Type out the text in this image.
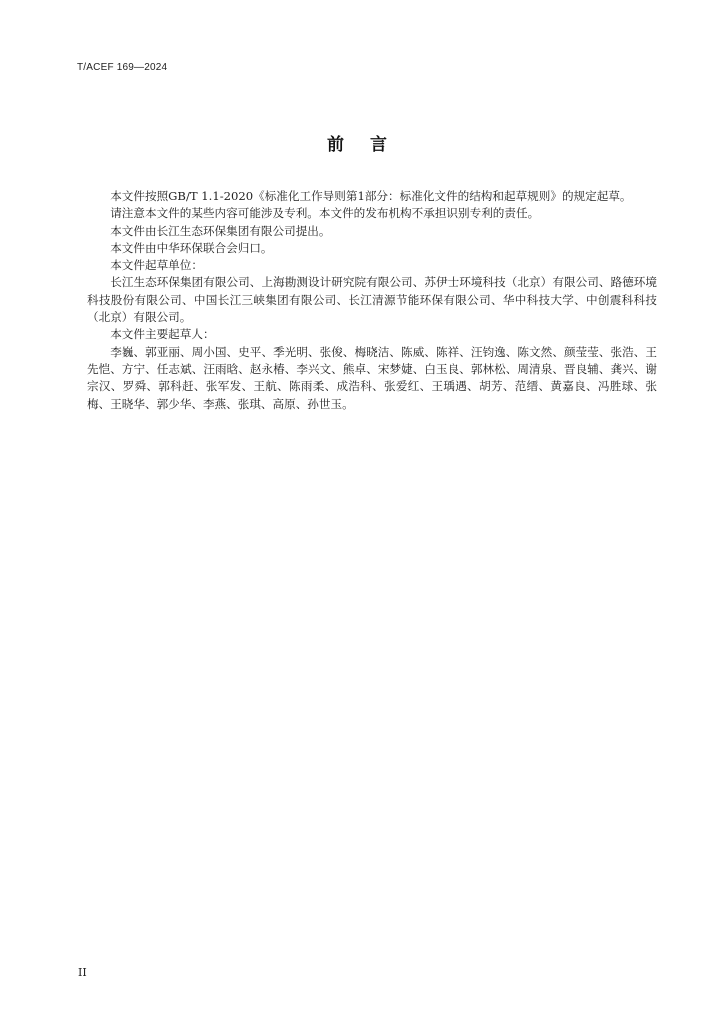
T/ACEF 169—2024
前 言

本文件按照GB/T 1.1-2020《标准化工作导则第1部分：标准化文件的结构和起草规则》的规定起草。

请注意本文件的某些内容可能涉及专利。本文件的发布机构不承担识别专利的责任。

本文件由长江生态环保集团有限公司提出。

本文件由中华环保联合会归口。

本文件起草单位：

长江生态环保集团有限公司、上海勘测设计研究院有限公司、苏伊士环境科技（北京）有限公司、路德环境科技股份有限公司、中国长江三峡集团有限公司、长江清源节能环保有限公司、华中科技大学、中创震科科技（北京）有限公司。

本文件主要起草人：

李巍、郭亚丽、周小国、史平、季光明、张俊、梅晓洁、陈威、陈祥、汪钧逸、陈文然、颜莹莹、张浩、王先恺、方宁、任志斌、汪雨晗、赵永椿、李兴文、熊卓、宋梦婕、白玉良、郭林松、周清泉、晋良辅、龚兴、谢宗汉、罗舜、郭科赶、张军发、王航、陈雨柔、成浩科、张爱红、王瑀遇、胡芳、范缙、黄嘉良、冯胜球、张梅、王晓华、郭少华、李燕、张琪、高原、孙世玉。

II
